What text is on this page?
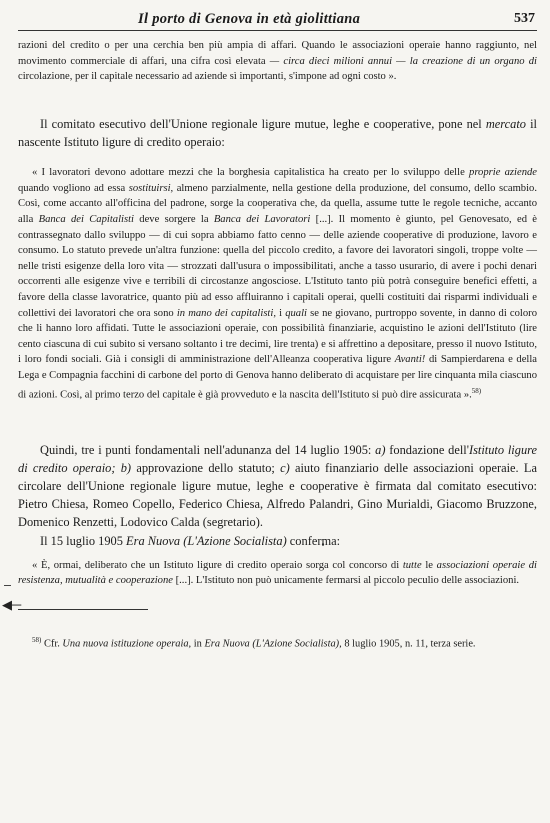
◀─
Il porto di Genova in età giolittiana	537

razioni del credito o per una cerchia ben più ampia di affari. Quando le associazioni operaie hanno raggiunto, nel movimento commerciale di affari, una cifra così elevata — circa dieci milioni annui — la creazione di un organo di circolazione, per il capitale necessario ad aziende sì importanti, s'impone ad ogni costo ».

Il comitato esecutivo dell'Unione regionale ligure mutue, leghe e cooperative, pone nel mercato il nascente Istituto ligure di credito operaio:

« I lavoratori devono adottare mezzi che la borghesia capitalistica ha creato per lo sviluppo delle proprie aziende quando vogliono ad essa sostituirsi, almeno parzialmente, nella gestione della produzione, del consumo, dello scambio. Così, come accanto all'officina del padrone, sorge la cooperativa che, da quella, assume tutte le regole tecniche, accanto alla Banca dei Capitalisti deve sorgere la Banca dei Lavoratori [...]. Il momento è giunto, pel Genovesato, ed è contrassegnato dallo sviluppo — di cui sopra abbiamo fatto cenno — delle aziende cooperative di produzione, lavoro e consumo. Lo statuto prevede un'altra funzione: quella del piccolo credito, a favore dei lavoratori singoli, troppe volte — nelle tristi esigenze della loro vita — strozzati dall'usura o impossibilitati, anche a tasso usurario, di avere i pochi denari occorrenti alle esigenze vive e terribili di circostanze angosciose. L'Istituto tanto più potrà conseguire benefici effetti, a favore della classe lavoratrice, quanto più ad esso affluiranno i capitali operai, quelli costituiti dai risparmi individuali e collettivi dei lavoratori che ora sono in mano dei capitalisti, i quali se ne giovano, purtroppo sovente, in danno di coloro che li hanno loro affidati. Tutte le associazioni operaie, con possibilità finanziarie, acquistino le azioni dell'Istituto (lire cento ciascuna di cui subito si versano soltanto i tre decimi, lire trenta) e si affrettino a depositare, presso il nuovo Istituto, i loro fondi sociali. Già i consigli di amministrazione dell'Alleanza cooperativa ligure Avanti! di Sampierdarena e della Lega e Compagnia facchini di carbone del porto di Genova hanno deliberato di acquistare per lire cinquanta mila ciascuno di azioni. Così, al primo terzo del capitale è già provveduto e la nascita dell'Istituto si può dire assicurata ».$^{58)}$

Quindi, tre i punti fondamentali nell'adunanza del 14 luglio 1905: a) fondazione dell'Istituto ligure di credito operaio; b) approvazione dello statuto; c) aiuto finanziario delle associazioni operaie. La circolare dell'Unione regionale ligure mutue, leghe e cooperative è firmata dal comitato esecutivo: Pietro Chiesa, Romeo Copello, Federico Chiesa, Alfredo Palandri, Gino Murialdi, Giacomo Bruzzone, Domenico Renzetti, Lodovico Calda (segretario).

Il 15 luglio 1905 Era Nuova (L'Azione Socialista) conferma:

« È, ormai, deliberato che un Istituto ligure di credito operaio sorga col concorso di tutte le associazioni operaie di resistenza, mutualità e cooperazione [...]. L'Istituto non può unicamente fermarsi al piccolo peculio delle associazioni.

$^{58)}$ Cfr. Una nuova istituzione operaia, in Era Nuova (L'Azione Socialista), 8 luglio 1905, n. 11, terza serie.
